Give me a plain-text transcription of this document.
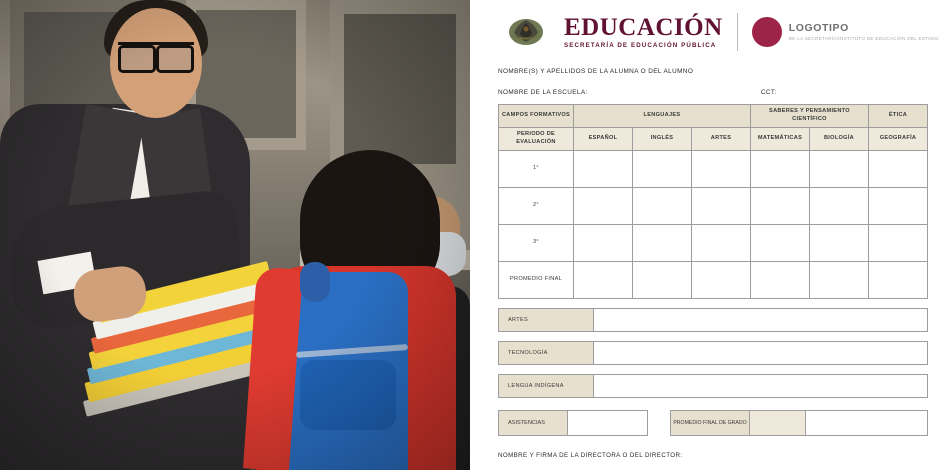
EDUCACIÓN
SECRETARÍA DE EDUCACIÓN PÚBLICA
LOGOTIPO
DE LA SECRETARÍA/INSTITUTO DE EDUCACIÓN DEL ESTADO
NOMBRE(S) Y APELLIDOS DE LA ALUMNA O DEL ALUMNO
NOMBRE DE LA ESCUELA:	CCT:
CAMPOS FORMATIVOS	LENGUAJES			SABERES Y PENSAMIENTO CIENTÍFICO		ÉTICA
PERIODO DE EVALUACIÓN	ESPAÑOL	INGLÉS	ARTES	MATEMÁTICAS	BIOLOGÍA	GEOGRAFÍA
1°						
2°						
3°						
PROMEDIO FINAL						
ARTES
TECNOLOGÍA
LENGUA INDÍGENA
ASISTENCIAS	PROMEDIO FINAL DE GRADO
NOMBRE Y FIRMA DE LA DIRECTORA O DEL DIRECTOR:
